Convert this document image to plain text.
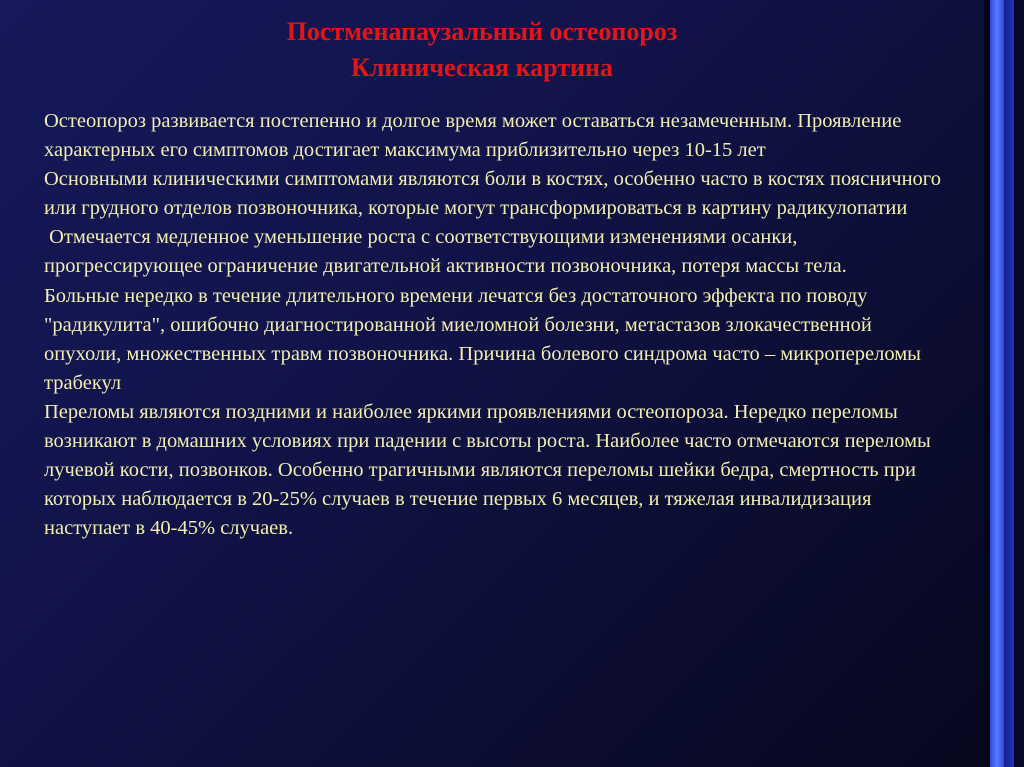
Постменапаузальный остеопороз
Клиническая картина

Остеопороз развивается постепенно и долгое время может оставаться незамеченным. Проявление характерных его симптомов достигает максимума приблизительно через 10-15 лет

Основными клиническими симптомами являются боли в костях, особенно часто в костях поясничного или грудного отделов позвоночника, которые могут трансформироваться в картину радикулопатии

Отмечается медленное уменьшение роста с соответствующими изменениями осанки, прогрессирующее ограничение двигательной активности позвоночника, потеря массы тела.

Больные нередко в течение длительного времени лечатся без достаточного эффекта по поводу "радикулита", ошибочно диагностированной миеломной болезни, метастазов злокачественной опухоли, множественных травм позвоночника. Причина болевого синдрома часто – микропереломы трабекул

Переломы являются поздними и наиболее яркими проявлениями остеопороза. Нередко переломы возникают в домашних условиях при падении с высоты роста. Наиболее часто отмечаются переломы лучевой кости, позвонков. Особенно трагичными являются переломы шейки бедра, смертность при которых наблюдается в 20-25% случаев в течение первых 6 месяцев, и тяжелая инвалидизация наступает в 40-45% случаев.
